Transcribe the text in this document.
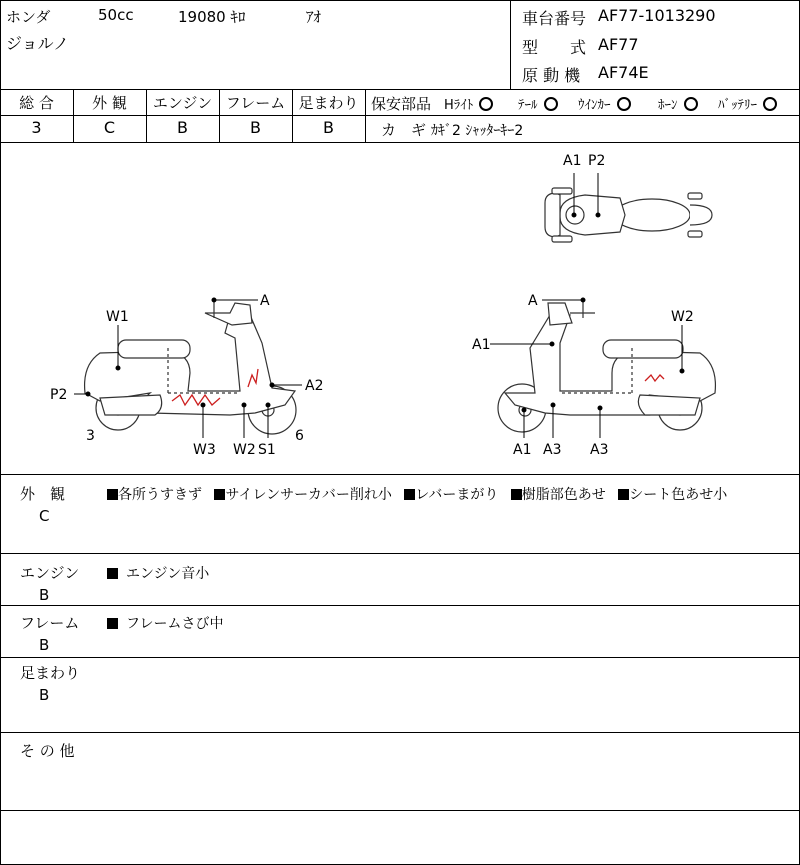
ホンダ	50cc	19080 ｷﾛ	ｱｵ
ジョルノ
車台番号 AF77-1013290
型　　式 AF77
原 動 機 AF74E
総 合	外 観	エンジン フレーム 足まわり
3	C	B	B	B
保安部品 Hﾗｲﾄ	ﾃｰﾙ	ｳｲﾝｶｰ	ﾎｰﾝ	ﾊﾞｯﾃﾘｰ
カ　ギ ｶｷﾞ2 ｼｬｯﾀｰｷｰ2
A1 P2
A
W1
P2
A2
3
W3 W2 S1
6
A
W2
A1
A1 A3 A3
外　観
C
各所うすきず サイレンサーカバー削れ小 レバーまがり 樹脂部色あせ シート色あせ小
エンジン
B
エンジン音小
フレーム
B
フレームさび中
足まわり
B
そ の 他
